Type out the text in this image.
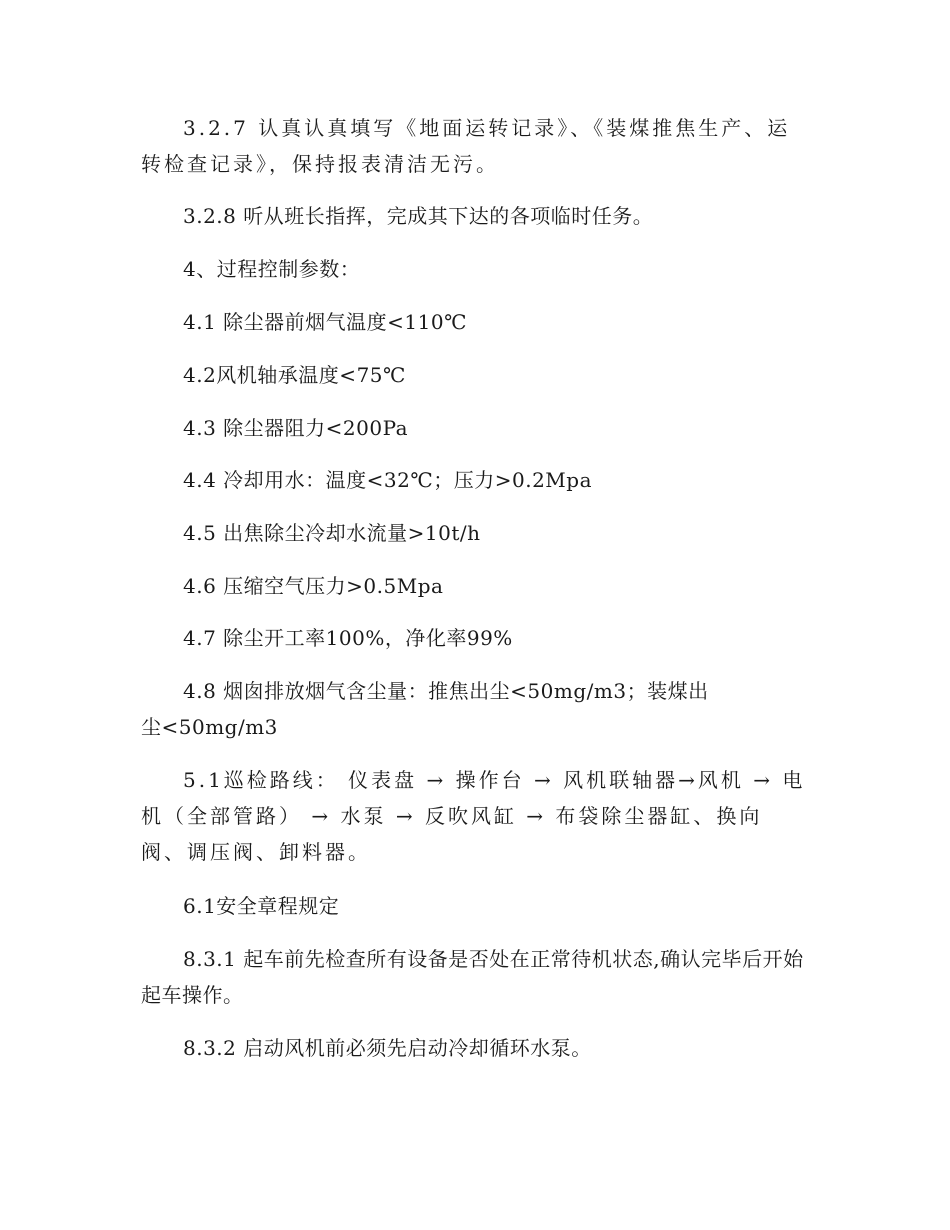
3.2.7 认真认真填写《地面运转记录》、《装煤推焦生产、运转检查记录》，保持报表清洁无污。

3.2.8 听从班长指挥，完成其下达的各项临时任务。

4、过程控制参数：

4.1 除尘器前烟气温度<110℃

4.2风机轴承温度<75℃

4.3 除尘器阻力<200Pa

4.4 冷却用水：温度<32℃；压力>0.2Mpa

4.5 出焦除尘冷却水流量>10t/h

4.6 压缩空气压力>0.5Mpa

4.7 除尘开工率100%，净化率99%

4.8 烟囱排放烟气含尘量：推焦出尘<50mg/m3；装煤出尘<50mg/m3

5.1巡检路线： 仪表盘 → 操作台 → 风机联轴器→风机 → 电机（全部管路） → 水泵 → 反吹风缸 → 布袋除尘器缸、换向阀、调压阀、卸料器。

6.1安全章程规定

8.3.1 起车前先检查所有设备是否处在正常待机状态,确认完毕后开始起车操作。

8.3.2 启动风机前必须先启动冷却循环水泵。
